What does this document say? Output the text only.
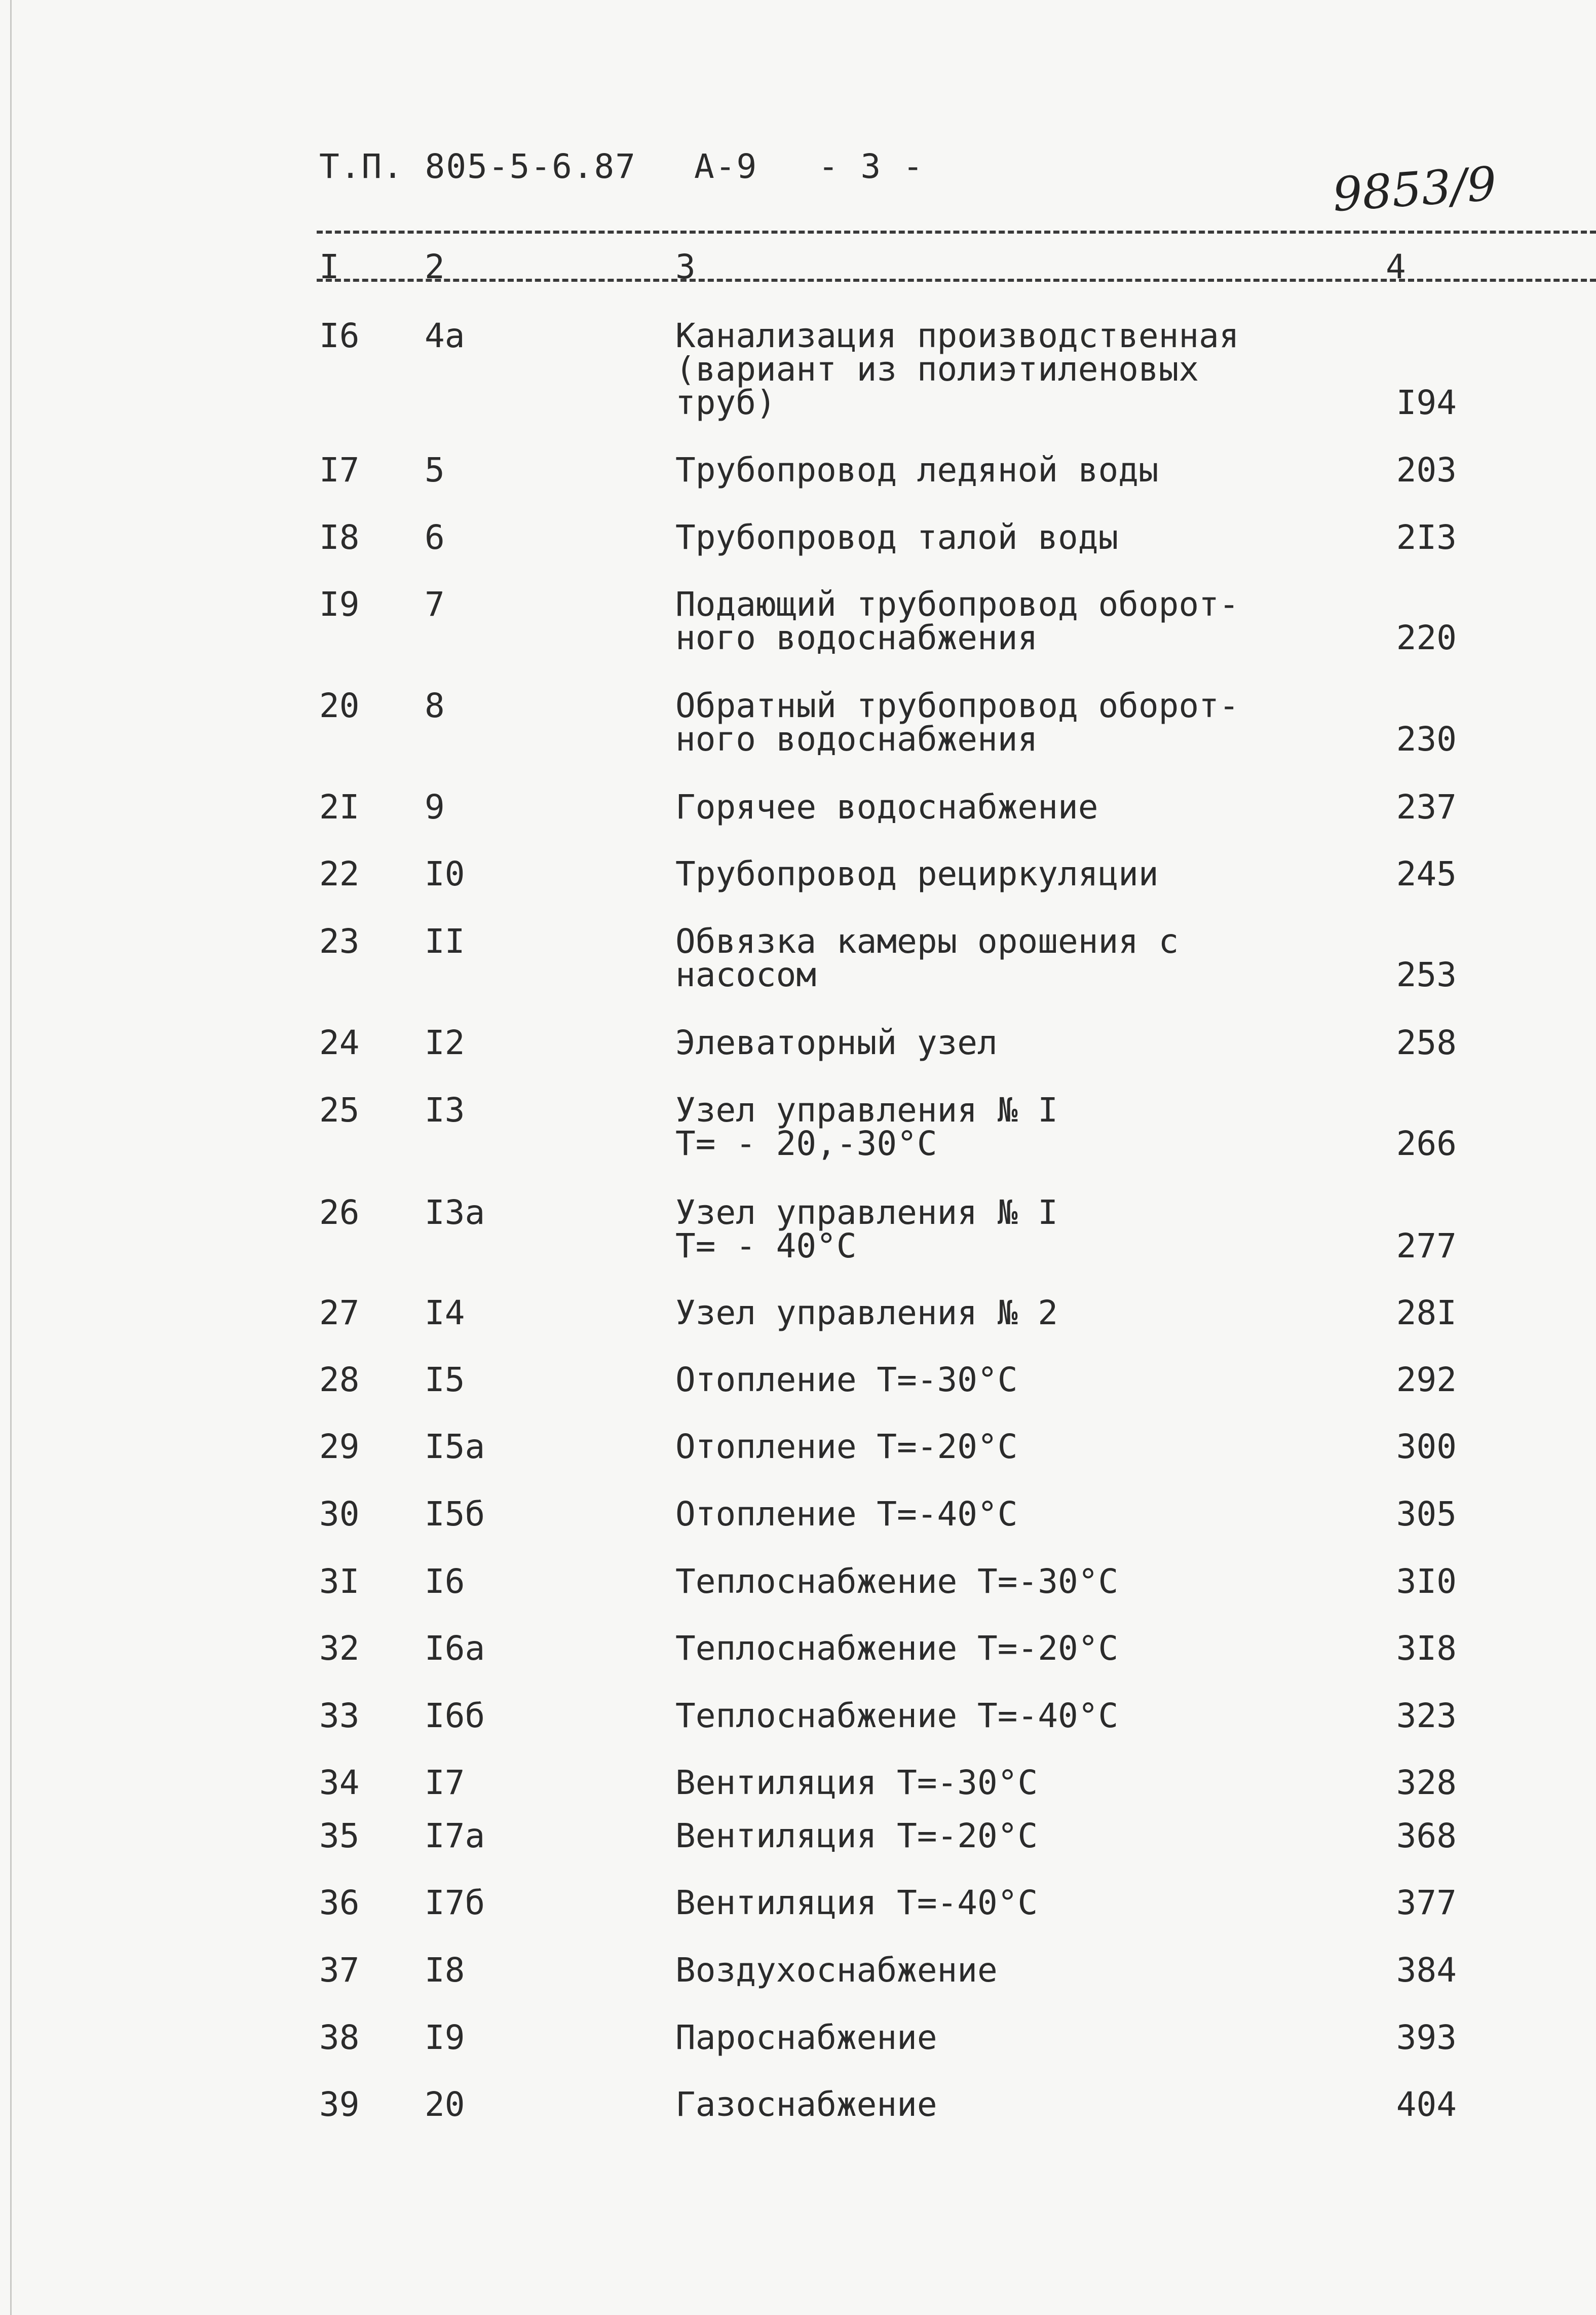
Т.П. 805-5-6.87 А-9 - 3 -	9853/9
I	2	3	4
I6 4а	Канализация производственная
(вариант из полиэтиленовых
труб)	I94
I7 5	Трубопровод ледяной воды	203
I8 6	Трубопровод талой воды	2I3
I9 7	Подающий трубопровод оборот-
ного водоснабжения	220
20 8	Обратный трубопровод оборот-
ного водоснабжения	230
2I 9	Горячее водоснабжение	237
22 I0	Трубопровод рециркуляции	245
23 II	Обвязка камеры орошения с
насосом	253
24 I2	Элеваторный узел	258
25 I3	Узел управления № I
Т= - 20,-30°С	266
26 I3а	Узел управления № I
Т= - 40°С	277
27 I4	Узел управления № 2	28I
28 I5	Отопление Т=-30°С	292
29 I5а	Отопление Т=-20°С	300
30 I5б	Отопление Т=-40°С	305
3I I6	Теплоснабжение Т=-30°С	3I0
32 I6а	Теплоснабжение Т=-20°С	3I8
33 I6б	Теплоснабжение Т=-40°С	323
34 I7	Вентиляция Т=-30°С	328
35 I7а	Вентиляция Т=-20°С	368
36 I7б	Вентиляция Т=-40°С	377
37 I8	Воздухоснабжение	384
38 I9	Пароснабжение	393
39 20	Газоснабжение	404
